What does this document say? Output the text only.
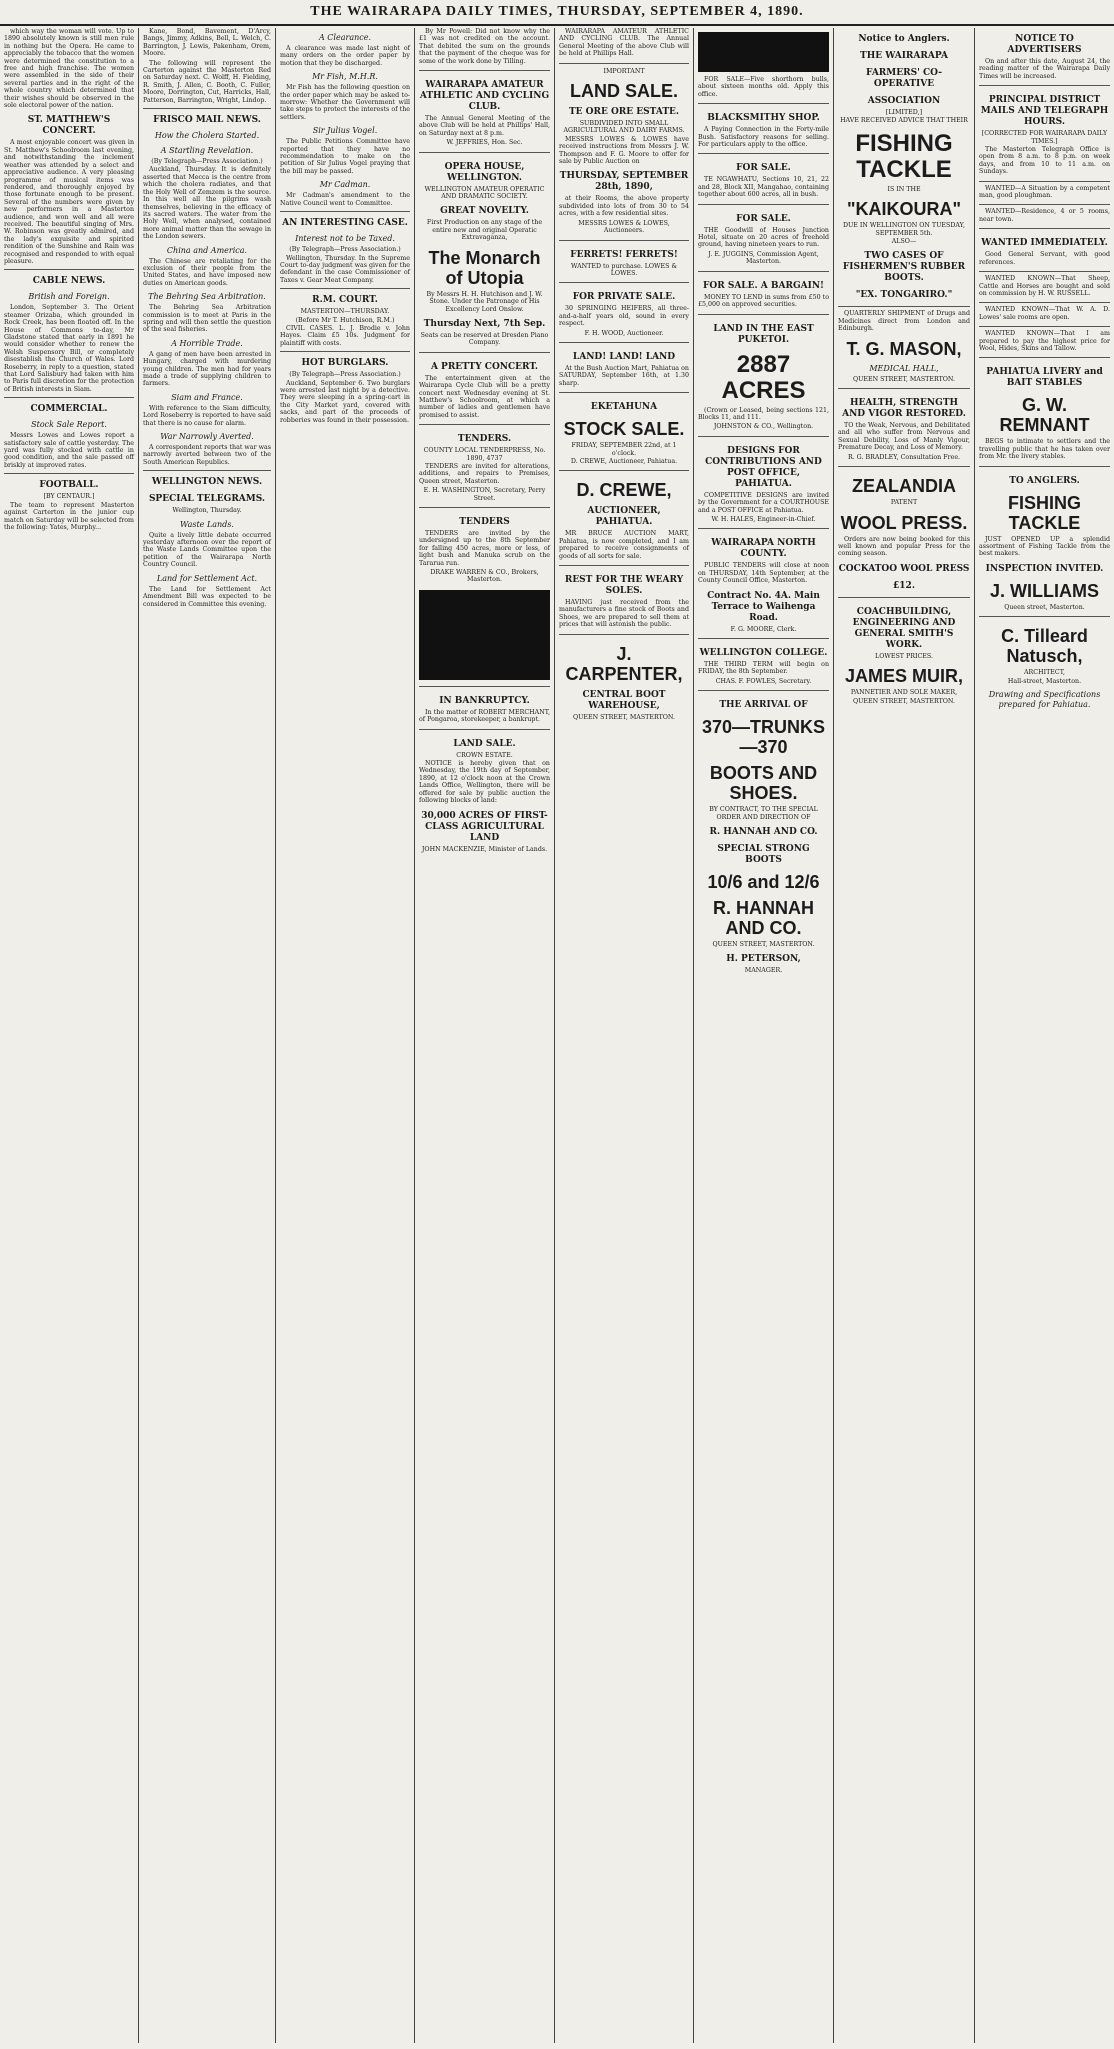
THE WAIRARAPA DAILY TIMES, THURSDAY, SEPTEMBER 4, 1890.

which way the woman will vote. Up to 1890 absolutely known is still men rule in nothing but the Opera. He came to appreciably the tobacco that the women were determined the constitution to a free and high franchise. The women were assembled in the side of their several parties and in the right of the whole country which determined that their wishes should be observed in the sole electoral power of the nation.

ST. MATTHEW'S CONCERT.

A most enjoyable concert was given in St. Matthew's Schoolroom last evening, and notwithstanding the inclement weather was attended by a select and appreciative audience. A very pleasing programme of musical items was rendered, and thoroughly enjoyed by those fortunate enough to be present. Several of the numbers were given by new performers in a Masterton audience, and won well and all were received. The beautiful singing of Mrs. W. Robinson was greatly admired, and the lady's exquisite and spirited rendition of the Sunshine and Rain was recognised and responded to with equal pleasure.

CABLE NEWS.
British and Foreign.

London, September 3. The Orient steamer Orizaba, which grounded in Rock Creek, has been floated off. In the House of Commons to-day, Mr Gladstone stated that early in 1891 he would consider whether to renew the Welsh Suspensory Bill, or completely disestablish the Church of Wales. Lord Roseberry, in reply to a question, stated that Lord Salisbury had taken with him to Paris full discretion for the protection of British interests in Siam.

COMMERCIAL.
Stock Sale Report.

Messrs Lowes and Lowes report a satisfactory sale of cattle yesterday. The yard was fully stocked with cattle in good condition, and the sale passed off briskly at improved rates.

FOOTBALL.
[BY CENTAUR.]

The team to represent Masterton against Carterton in the junior cup match on Saturday will be selected from the following: Yates, Murphy...

Kane, Bond, Bavement, D'Arcy, Bangs, Jimmy, Adkins, Bell, L. Welch, C. Barrington, J. Lewis, Pakenham, Orem, Moore.

The following will represent the Carterton against the Masterton Red on Saturday next. C. Wolff, H. Fielding, R. Smith, J. Allen, C. Booth, C. Fuller, Moore, Dorrington, Cut, Harricks, Hall, Patterson, Barrington, Wright, Lindop.

FRISCO MAIL NEWS.
How the Cholera Started.
A Startling Revelation.
(By Telegraph—Press Association.)

Auckland, Thursday. It is definitely asserted that Mecca is the centre from which the cholera radiates, and that the Holy Well of Zemzem is the source. In this well all the pilgrims wash themselves, believing in the efficacy of its sacred waters. The water from the Holy Well, when analysed, contained more animal matter than the sewage in the London sewers.

China and America.

The Chinese are retaliating for the exclusion of their people from the United States, and have imposed new duties on American goods.

The Behring Sea Arbitration.

The Behring Sea Arbitration commission is to meet at Paris in the spring and will then settle the question of the seal fisheries.

A Horrible Trade.

A gang of men have been arrested in Hungary, charged with murdering young children. The men had for years made a trade of supplying children to farmers.

Siam and France.

With reference to the Siam difficulty, Lord Roseberry is reported to have said that there is no cause for alarm.

War Narrowly Averted.

A correspondent reports that war was narrowly averted between two of the South American Republics.

WELLINGTON NEWS.
SPECIAL TELEGRAMS.
Wellington, Thursday.
Waste Lands.

Quite a lively little debate occurred yesterday afternoon over the report of the Waste Lands Committee upon the petition of the Wairarapa North Country Council.

Land for Settlement Act.

The Land for Settlement Act Amendment Bill was expected to be considered in Committee this evening.

A Clearance.

A clearance was made last night of many orders on the order paper by motion that they be discharged.

Mr Fish, M.H.R.

Mr Fish has the following question on the order paper which may be asked to-morrow: Whether the Government will take steps to protect the interests of the settlers.

Sir Julius Vogel.

The Public Petitions Committee have reported that they have no recommendation to make on the petition of Sir Julius Vogel praying that the bill may be passed.

Mr Cadman.

Mr Cadman's amendment to the Native Council went to Committee.

AN INTERESTING CASE.
Interest not to be Taxed.
(By Telegraph—Press Association.)

Wellington, Thursday. In the Supreme Court to-day judgment was given for the defendant in the case Commissioner of Taxes v. Gear Meat Company.

R.M. COURT.
MASTERTON—THURSDAY.
(Before Mr T. Hutchison, R.M.)

CIVIL CASES. L. J. Brodie v. John Hayes. Claim £5 10s. Judgment for plaintiff with costs.

HOT BURGLARS.
(By Telegraph—Press Association.)

Auckland, September 6. Two burglars were arrested last night by a detective. They were sleeping in a spring-cart in the City Market yard, covered with sacks, and part of the proceeds of robberies was found in their possession.

By Mr Powell: Did not know why the £1 was not credited on the account. That debited the sum on the grounds that the payment of the cheque was for some of the work done by Tilling.

WAIRARAPA AMATEUR ATHLETIC AND CYCLING CLUB.

The Annual General Meeting of the above Club will be held at Phillips' Hall, on Saturday next at 8 p.m.

W. JEFFRIES, Hon. Sec.
OPERA HOUSE, WELLINGTON.
WELLINGTON AMATEUR OPERATIC AND DRAMATIC SOCIETY.
GREAT NOVELTY.
First Production on any stage of the entire new and original Operatic Extravaganza,
The Monarch of Utopia
By Messrs H. H. Hutchison and J. W. Stone. Under the Patronage of His Excellency Lord Onslow.
Thursday Next, 7th Sep.
Seats can be reserved at Dresden Piano Company.
A PRETTY CONCERT.

The entertainment given at the Wairarapa Cycle Club will be a pretty concert next Wednesday evening at St. Matthew's Schoolroom, at which a number of ladies and gentlemen have promised to assist.

TENDERS.
COUNTY LOCAL TENDERPRESS, No. 1890, 4737

TENDERS are invited for alterations, additions, and repairs to Premises, Queen street, Masterton.

E. H. WASHINGTON, Secretary, Perry Street.
TENDERS

TENDERS are invited by the undersigned up to the 8th September for falling 450 acres, more or less, of light bush and Manuka scrub on the Tararua run.

DRAKE WARREN & CO., Brokers, Masterton.
IN BANKRUPTCY.

In the matter of ROBERT MERCHANT, of Pongaroa, storekeeper, a bankrupt.

LAND SALE.
CROWN ESTATE.

NOTICE is hereby given that on Wednesday, the 19th day of September, 1890, at 12 o'clock noon at the Crown Lands Office, Wellington, there will be offered for sale by public auction the following blocks of land:

30,000 ACRES OF FIRST-CLASS AGRICULTURAL LAND
JOHN MACKENZIE, Minister of Lands.

WAIRARAPA AMATEUR ATHLETIC AND CYCLING CLUB. The Annual General Meeting of the above Club will be held at Phillips Hall.

IMPORTANT
LAND SALE.
TE ORE ORE ESTATE.
SUBDIVIDED INTO SMALL AGRICULTURAL AND DAIRY FARMS.

MESSRS LOWES & LOWES have received instructions from Messrs J. W. Thompson and F. G. Moore to offer for sale by Public Auction on

THURSDAY, SEPTEMBER 28th, 1890,

at their Rooms, the above property subdivided into lots of from 30 to 54 acres, with a few residential sites.

MESSRS LOWES & LOWES, Auctioneers.
FERRETS! FERRETS!
WANTED to purchase. LOWES & LOWES.
FOR PRIVATE SALE.

30 SPRINGING HEIFERS, all three-and-a-half years old, sound in every respect.

F. H. WOOD, Auctioneer.
LAND! LAND! LAND

At the Bush Auction Mart, Pahiatua on SATURDAY, September 16th, at 1.30 sharp.

EKETAHUNA
STOCK SALE.
FRIDAY, SEPTEMBER 22nd, at 1 o'clock.
D. CREWE, Auctioneer, Pahiatua.
D. CREWE,
AUCTIONEER, PAHIATUA.

MR BRUCE AUCTION MART, Pahiatua, is now completed, and I am prepared to receive consignments of goods of all sorts for sale.

REST FOR THE WEARY SOLES.

HAVING just received from the manufacturers a fine stock of Boots and Shoes, we are prepared to sell them at prices that will astonish the public.

J. CARPENTER,
CENTRAL BOOT WAREHOUSE,
QUEEN STREET, MASTERTON.

FOR SALE—Five shorthorn bulls, about sixteen months old. Apply this office.

BLACKSMITHY SHOP.

A Paying Connection in the Forty-mile Bush. Satisfactory reasons for selling. For particulars apply to the office.

FOR SALE.

TE NGAWHATU, Sections 10, 21, 22 and 28, Block XII, Mangahao, containing together about 600 acres, all in bush.

FOR SALE.

THE Goodwill of Houses Junction Hotel, situate on 20 acres of freehold ground, having nineteen years to run.

J. E. JUGGINS, Commission Agent, Masterton.
FOR SALE. A BARGAIN!

MONEY TO LEND in sums from £50 to £5,000 on approved securities.

LAND IN THE EAST PUKETOI.
2887 ACRES

(Crown or Leased, being sections 121, Blocks 11, and 111.

JOHNSTON & CO., Wellington.
DESIGNS FOR CONTRIBUTIONS AND POST OFFICE, PAHIATUA.

COMPETITIVE DESIGNS are invited by the Government for a COURTHOUSE and a POST OFFICE at Pahiatua.

W. H. HALES, Engineer-in-Chief.
WAIRARAPA NORTH COUNTY.

PUBLIC TENDERS will close at noon on THURSDAY, 14th September, at the County Council Office, Masterton.

Contract No. 4A. Main Terrace to Waihenga Road.
F. G. MOORE, Clerk.
WELLINGTON COLLEGE.

THE THIRD TERM will begin on FRIDAY, the 8th September.

CHAS. F. FOWLES, Secretary.
THE ARRIVAL OF
370—TRUNKS—370
BOOTS AND SHOES.
BY CONTRACT, TO THE SPECIAL ORDER AND DIRECTION OF
R. HANNAH AND CO.
SPECIAL STRONG BOOTS
10/6 and 12/6
R. HANNAH AND CO.
QUEEN STREET, MASTERTON.
H. PETERSON,
MANAGER.
Notice to Anglers.
THE WAIRARAPA
FARMERS' CO-OPERATIVE
ASSOCIATION
[LIMITED,]
HAVE RECEIVED ADVICE THAT THEIR
FISHING TACKLE
IS IN THE
"KAIKOURA"
DUE IN WELLINGTON ON TUESDAY, SEPTEMBER 5th.
ALSO—
TWO CASES OF FISHERMEN'S RUBBER BOOTS.
"EX. TONGARIRO."

QUARTERLY SHIPMENT of Drugs and Medicines direct from London and Edinburgh.

T. G. MASON,
MEDICAL HALL,
QUEEN STREET, MASTERTON.
HEALTH, STRENGTH AND VIGOR RESTORED.

TO the Weak, Nervous, and Debilitated and all who suffer from Nervous and Sexual Debility, Loss of Manly Vigour, Premature Decay, and Loss of Memory.

R. G. BRADLEY, Consultation Free.
ZEALANDIA
PATENT
WOOL PRESS.

Orders are now being booked for this well known and popular Press for the coming season.

COCKATOO WOOL PRESS
£12.
COACHBUILDING, ENGINEERING AND GENERAL SMITH'S WORK.
LOWEST PRICES.
JAMES MUIR,
PANNETIER AND SOLE MAKER,
QUEEN STREET, MASTERTON.
NOTICE TO ADVERTISERS

On and after this date, August 24, the reading matter of the Wairarapa Daily Times will be increased.

PRINCIPAL DISTRICT MAILS AND TELEGRAPH HOURS.
[CORRECTED FOR WAIRARAPA DAILY TIMES.]

The Masterton Telegraph Office is open from 8 a.m. to 8 p.m. on week days, and from 10 to 11 a.m. on Sundays.

WANTED—A Situation by a competent man, good ploughman.

WANTED—Residence, 4 or 5 rooms, near town.

WANTED IMMEDIATELY.

Good General Servant, with good references.

WANTED KNOWN—That Sheep, Cattle and Horses are bought and sold on commission by H. W. RUSSELL.

WANTED KNOWN—That W. A. D. Lowes' sale rooms are open.

WANTED KNOWN—That I am prepared to pay the highest price for Wool, Hides, Skins and Tallow.

PAHIATUA LIVERY and BAIT STABLES
G. W. REMNANT

BEGS to intimate to settlers and the travelling public that he has taken over from Mr. the livery stables.

TO ANGLERS.
FISHING TACKLE

JUST OPENED UP a splendid assortment of Fishing Tackle from the best makers.

INSPECTION INVITED.
J. WILLIAMS
Queen street, Masterton.
C. Tilleard Natusch,
ARCHITECT,
Hall-street, Masterton.
Drawing and Specifications prepared for Pahiatua.
